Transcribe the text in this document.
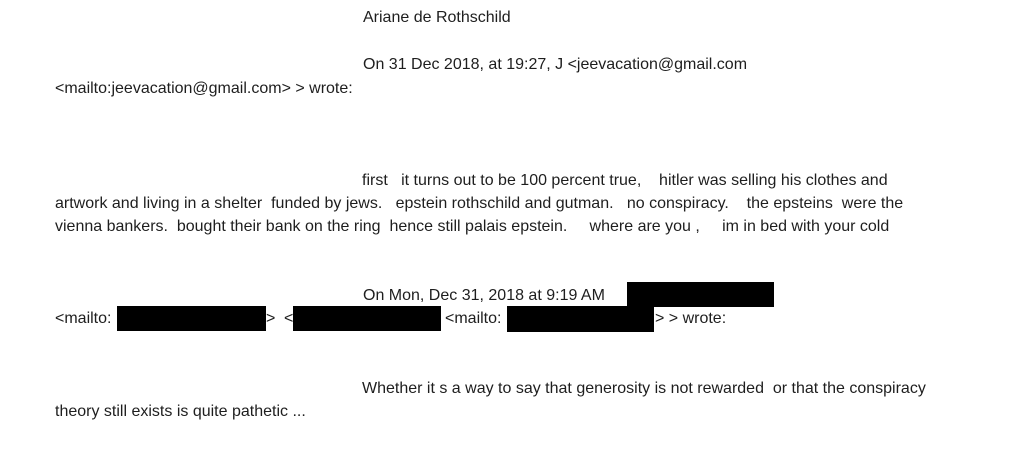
Ariane de Rothschild
On 31 Dec 2018, at 19:27, J <jeevacation@gmail.com
<mailto:jeevacation@gmail.com> > wrote:
first   it turns out to be 100 percent true,    hitler was selling his clothes and
artwork and living in a shelter  funded by jews.   epstein rothschild and gutman.   no conspiracy.    the epsteins  were the
vienna bankers.  bought their bank on the ring  hence still palais epstein.     where are you ,     im in bed with your cold
On Mon, Dec 31, 2018 at 9:19 AM
<mailto:	> <	<mailto:	> > wrote:
Whether it s a way to say that generosity is not rewarded  or that the conspiracy
theory still exists is quite pathetic ...
